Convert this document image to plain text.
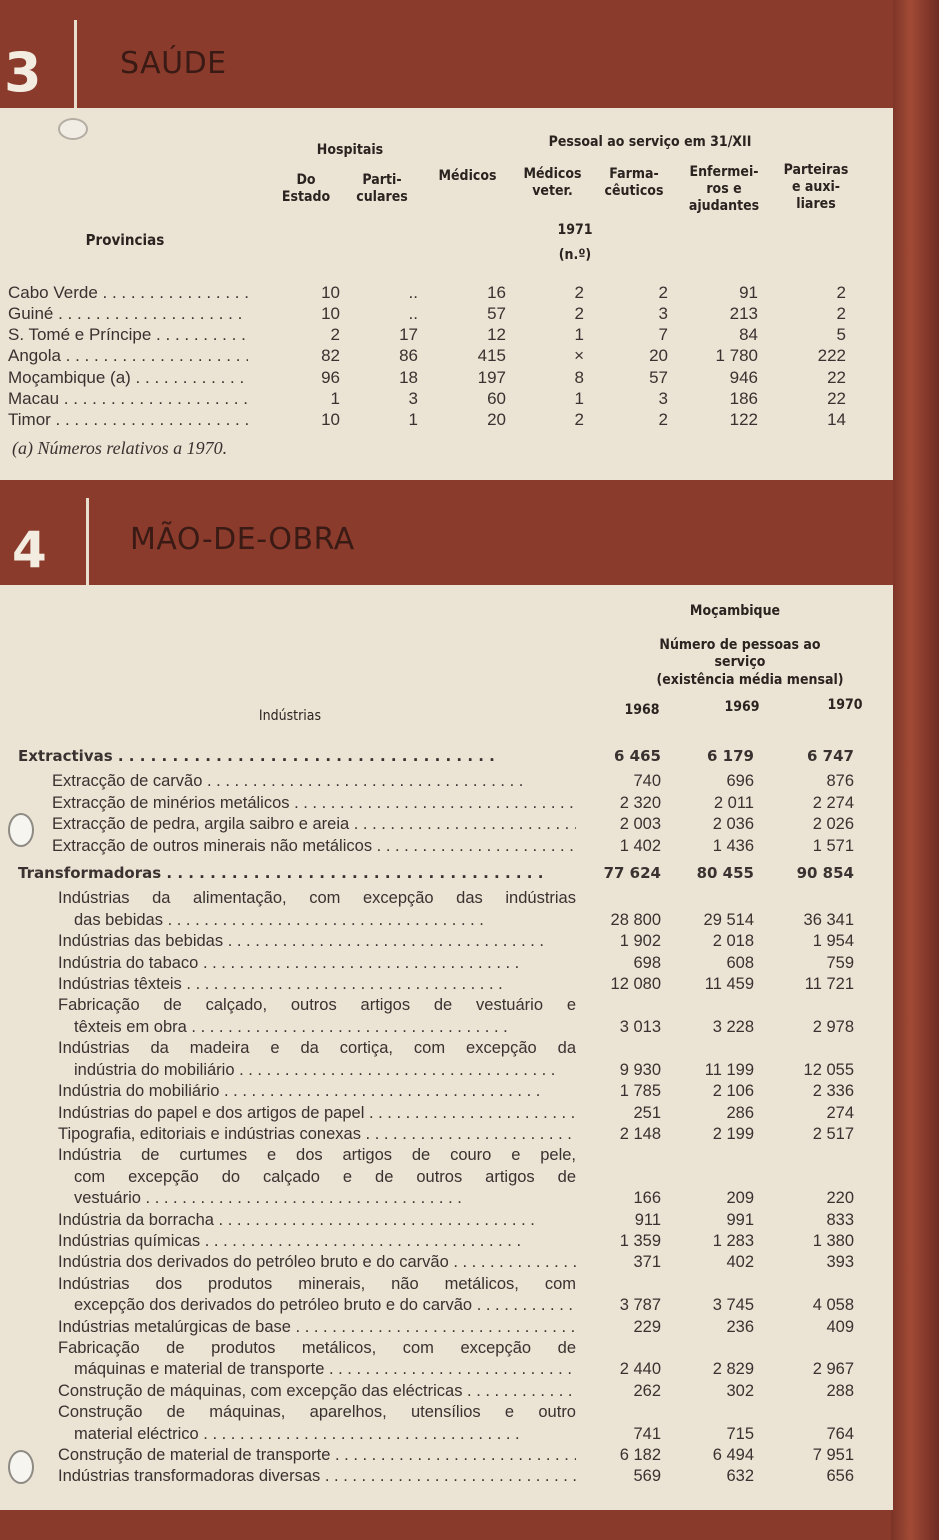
3	SAÚDE
Hospitais	Pessoal ao serviço em 31/XII
Do Estado
Parti- culares
Médicos	Médicos veter.
Farma- cêuticos
Enfermei- ros e ajudantes
Parteiras e auxi- liares
Provincias
1971
(n.º)
Cabo Verde . . .	10	..	16	2	2	91	2
Guiné . . .	10	..	57	2	3	213	2
S. Tomé e Príncipe . . .	2	17	12	1	7	84	5
Angola . . .	82	86	415	×	20	1 780	222
Moçambique (a) . . .	96	18	197	8	57	946	22
Macau . . .	1	3	60	1	3	186	22
Timor . . .	10	1	20	2	2	122	14
(a) Números relativos a 1970.
4	MÃO-DE-OBRA
Moçambique
Número de pessoas ao serviço
(existência média mensal)
Indústrias	1968	1969	1970
Extractivas . . .	6 465	6 179	6 747
Extracção de carvão . . .	740	696	876
Extracção de minérios metálicos . . .	2 320	2 011	2 274
Extracção de pedra, argila saibro e areia . . .	2 003	2 036	2 026
Extracção de outros minerais não metálicos . . .	1 402	1 436	1 571
Transformadoras . . .	77 624	80 455	90 854
Indústrias da alimentação, com excepção das indústrias
das bebidas . . .	28 800	29 514	36 341
Indústrias das bebidas . . .	1 902	2 018	1 954
Indústria do tabaco . . .	698	608	759
Indústrias têxteis . . .	12 080	11 459	11 721
Fabricação de calçado, outros artigos de vestuário e
têxteis em obra . . .	3 013	3 228	2 978
Indústrias da madeira e da cortiça, com excepção da
indústria do mobiliário . . .	9 930	11 199	12 055
Indústria do mobiliário . . .	1 785	2 106	2 336
Indústrias do papel e dos artigos de papel . . .	251	286	274
Tipografia, editoriais e indústrias conexas . . .	2 148	2 199	2 517
Indústria de curtumes e dos artigos de couro e pele,
com excepção do calçado e de outros artigos de
vestuário . . .	166	209	220
Indústria da borracha . . .	911	991	833
Indústrias químicas . . .	1 359	1 283	1 380
Indústria dos derivados do petróleo bruto e do carvão . . .	371	402	393
Indústrias dos produtos minerais, não metálicos, com
excepção dos derivados do petróleo bruto e do carvão . . .	3 787	3 745	4 058
Indústrias metalúrgicas de base . . .	229	236	409
Fabricação de produtos metálicos, com excepção de
máquinas e material de transporte . . .	2 440	2 829	2 967
Construção de máquinas, com excepção das eléctricas . . .	262	302	288
Construção de máquinas, aparelhos, utensílios e outro
material eléctrico . . .	741	715	764
Construção de material de transporte . . .	6 182	6 494	7 951
Indústrias transformadoras diversas . . .	569	632	656
